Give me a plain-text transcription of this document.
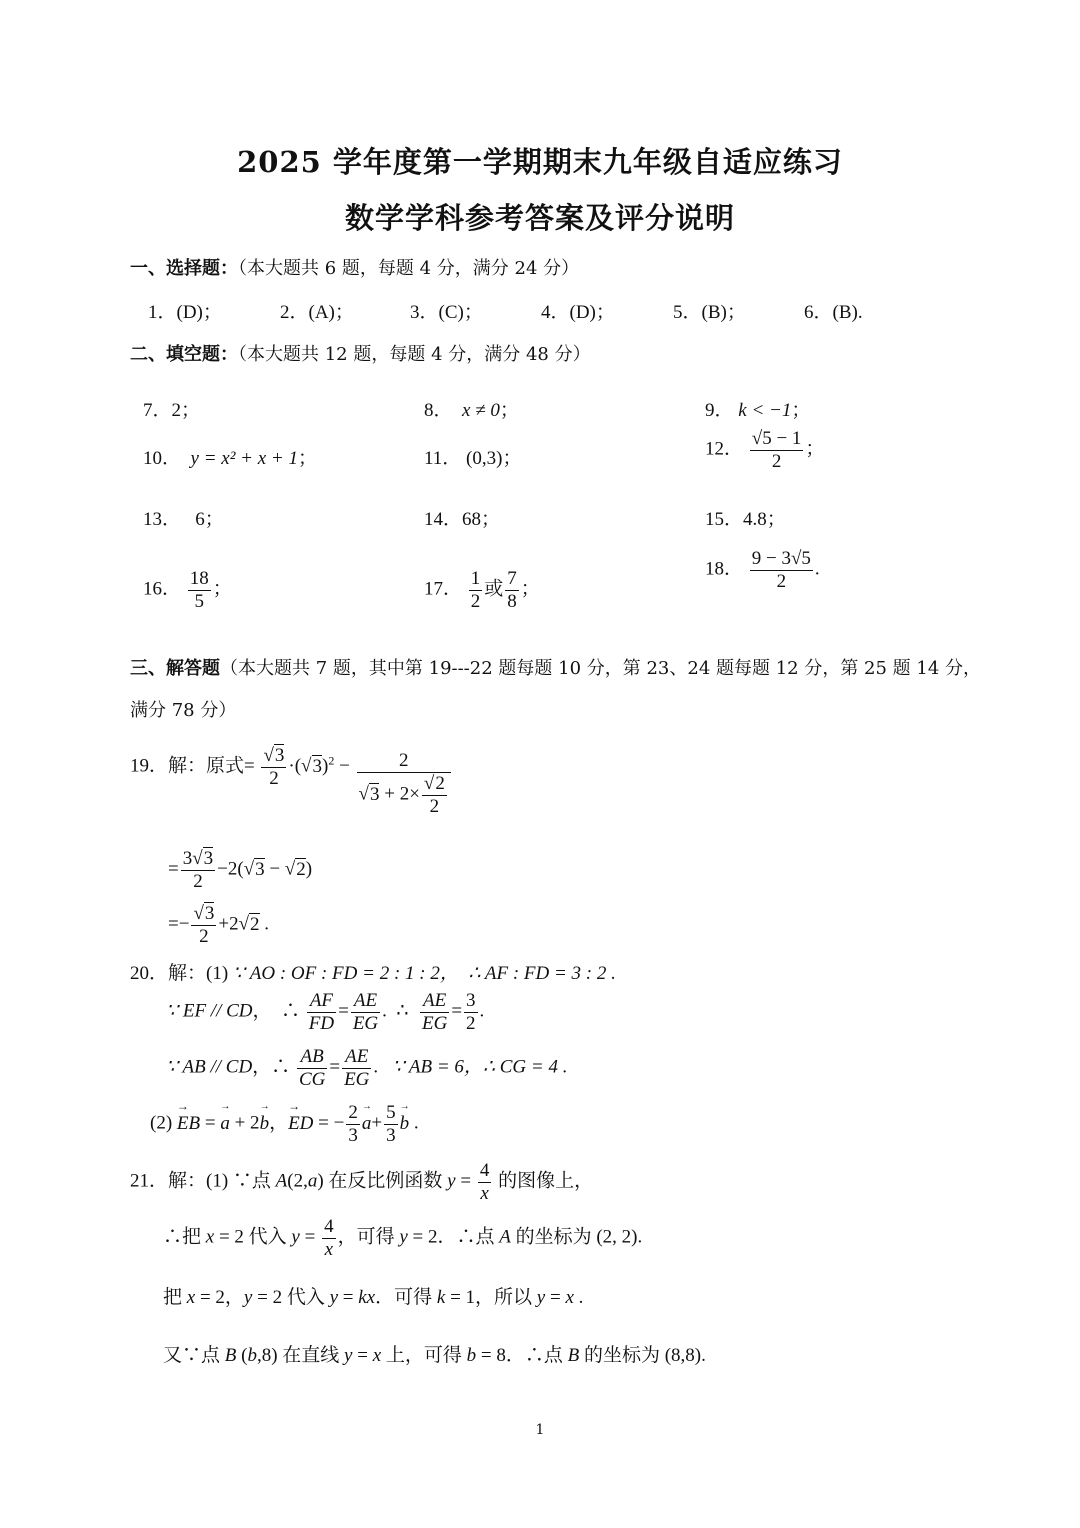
2025 学年度第一学期期末九年级自适应练习
数学学科参考答案及评分说明
一、选择题：（本大题共 6 题，每题 4 分，满分 24 分）
1．(D)；	2．(A)；	3．(C)；	4．(D)；	5．(B)；	6．(B).
二、填空题：（本大题共 12 题，每题 4 分，满分 48 分）
7．2；	8． x ≠ 0；	9． k < −1；
10． y = x² + x + 1；	11． (0,3)；	12． $\frac{√5 - 1}{2}$ ；
13． 6；	14．68；	15．4.8；
16． $\frac{18}{5}$ ；	17． $\frac{1}{2}$ 或 $\frac{7}{8}$ ；
18． $\frac{9 - 3√5}{2}$ .
三、解答题（本大题共 7 题，其中第 19---22 题每题 10 分，第 23、24 题每题 12 分，第 25 题 14 分，
满分 78 分）
19．解：原式= $\frac{√3}{2} \cdot(√3)^2 - \frac{2}{√3 + 2\times \frac{√2}{2}}$
= $\frac{3√3}{2} -2(√3 - √2)$
=− $\frac{√3}{2} +2√2$ .
20．解：(1) ∵ AO : OF : FD = 2 : 1 : 2， ∴ AF : FD = 3 : 2 .
∵ EF // CD，  ∴ $\frac{AF}{FD} = \frac{AE}{EG}$ .  ∴ $\frac{AE}{EG} = \frac{3}{2}$ .
∵ AB // CD，∴ $\frac{AB}{CG} = \frac{AE}{EG}$ .   ∵ AB = 6，∴ CG = 4 .
(2) → EB = → a + 2→ b，→ ED = − $\frac{2}{3}$
→ $a+ \frac{5}{3}$
→ b .
21．解：(1) ∵点 A(2,a) 在反比例函数 $y = \frac{4}{x}$ 的图像上，
∴把 x = 2 代入 $y = \frac{4}{x}$ ，可得 y = 2．∴点 A 的坐标为 (2, 2).
把 x = 2，y = 2 代入 y = kx．可得 k = 1，所以 y = x .
又∵点 B (b,8) 在直线 y = x 上，可得 b = 8．∴点 B 的坐标为 (8,8).
1
